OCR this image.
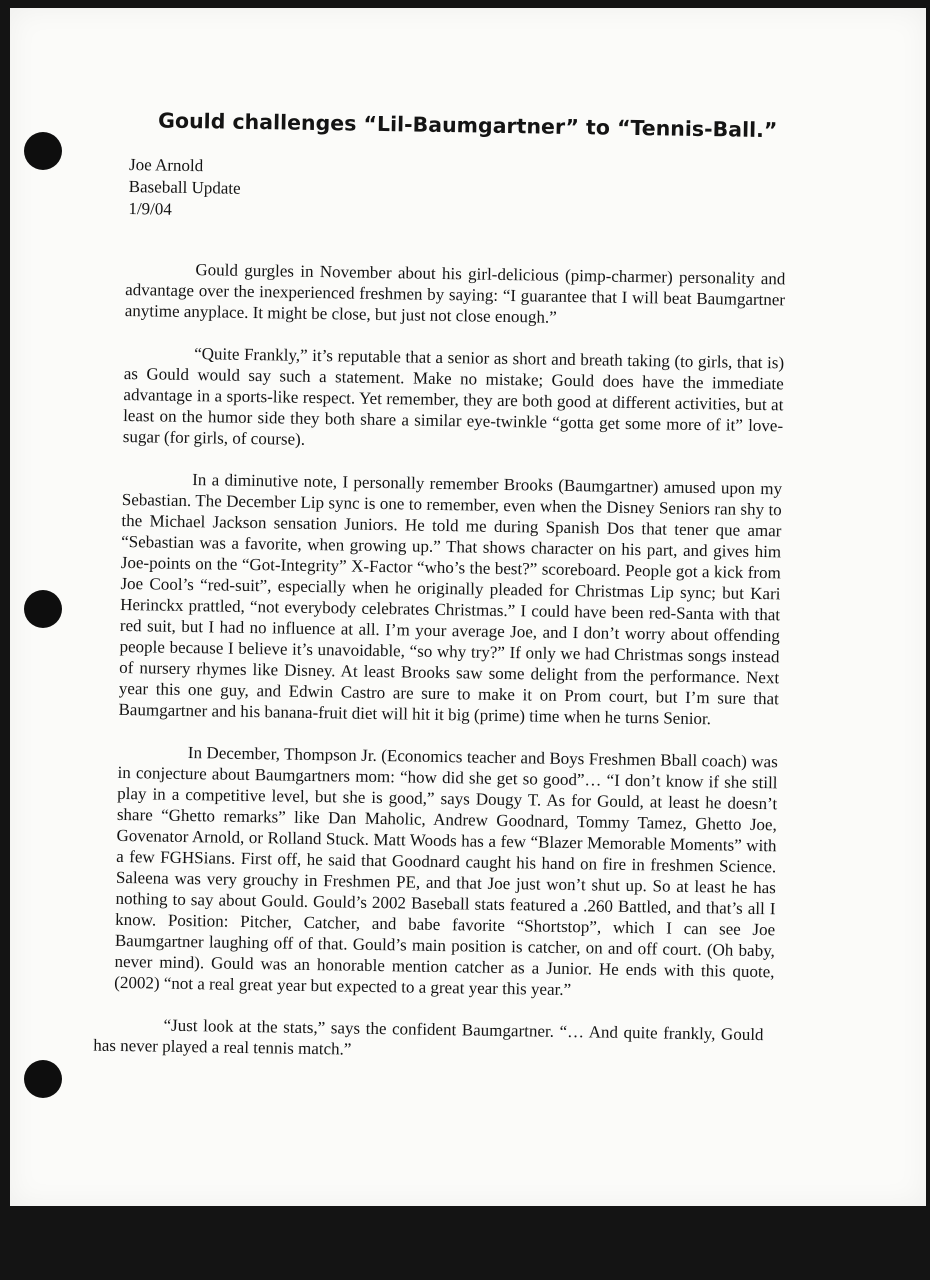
Gould challenges “Lil-Baumgartner” to “Tennis-Ball.”
Joe Arnold
Baseball Update
1/9/04

Gould gurgles in November about his girl-delicious (pimp-charmer) personality and advantage over the inexperienced freshmen by saying: “I guarantee that I will beat Baumgartner anytime anyplace. It might be close, but just not close enough.”

“Quite Frankly,” it’s reputable that a senior as short and breath taking (to girls, that is) as Gould would say such a statement. Make no mistake; Gould does have the immediate advantage in a sports-like respect. Yet remember, they are both good at different activities, but at least on the humor side they both share a similar eye-twinkle “gotta get some more of it” love-sugar (for girls, of course).

In a diminutive note, I personally remember Brooks (Baumgartner) amused upon my Sebastian. The December Lip sync is one to remember, even when the Disney Seniors ran shy to the Michael Jackson sensation Juniors. He told me during Spanish Dos that tener que amar “Sebastian was a favorite, when growing up.” That shows character on his part, and gives him Joe-points on the “Got-Integrity” X-Factor “who’s the best?” scoreboard. People got a kick from Joe Cool’s “red-suit”, especially when he originally pleaded for Christmas Lip sync; but Kari Herinckx prattled, “not everybody celebrates Christmas.” I could have been red-Santa with that red suit, but I had no influence at all. I’m your average Joe, and I don’t worry about offending people because I believe it’s unavoidable, “so why try?” If only we had Christmas songs instead of nursery rhymes like Disney. At least Brooks saw some delight from the performance. Next year this one guy, and Edwin Castro are sure to make it on Prom court, but I’m sure that Baumgartner and his banana-fruit diet will hit it big (prime) time when he turns Senior.

In December, Thompson Jr. (Economics teacher and Boys Freshmen Bball coach) was in conjecture about Baumgartners mom: “how did she get so good”… “I don’t know if she still play in a competitive level, but she is good,” says Dougy T. As for Gould, at least he doesn’t share “Ghetto remarks” like Dan Maholic, Andrew Goodnard, Tommy Tamez, Ghetto Joe, Govenator Arnold, or Rolland Stuck. Matt Woods has a few “Blazer Memorable Moments” with a few FGHSians. First off, he said that Goodnard caught his hand on fire in freshmen Science. Saleena was very grouchy in Freshmen PE, and that Joe just won’t shut up. So at least he has nothing to say about Gould. Gould’s 2002 Baseball stats featured a .260 Battled, and that’s all I know. Position: Pitcher, Catcher, and babe favorite “Shortstop”, which I can see Joe Baumgartner laughing off of that. Gould’s main position is catcher, on and off court. (Oh baby, never mind). Gould was an honorable mention catcher as a Junior. He ends with this quote, (2002) “not a real great year but expected to a great year this year.”

“Just look at the stats,” says the confident Baumgartner. “… And quite frankly, Gould has never played a real tennis match.”
